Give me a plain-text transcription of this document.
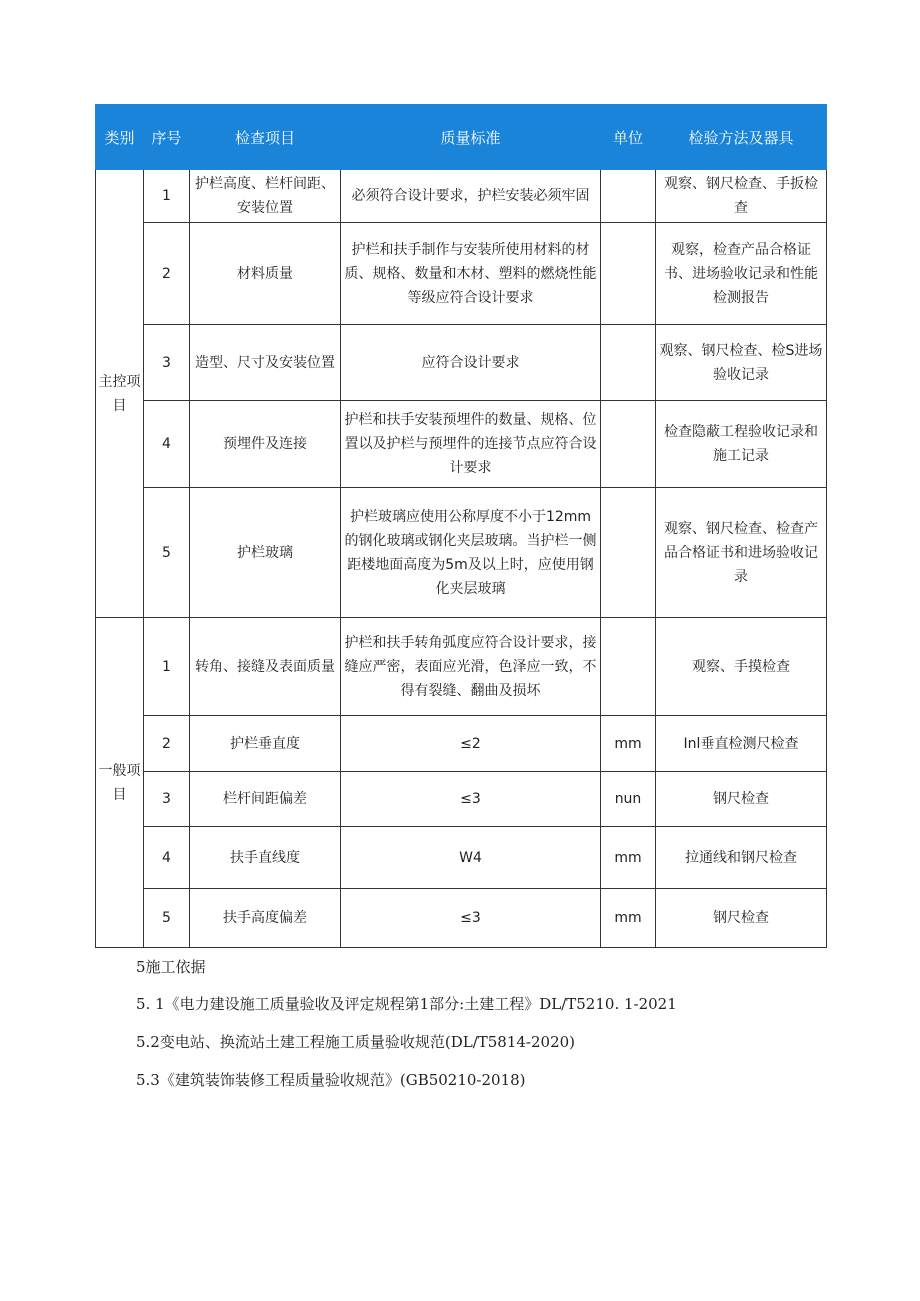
类别	序号	检查项目	质量标准	单位	检验方法及器具
主控项目	1	护栏高度、栏杆间距、安装位置	必须符合设计要求，护栏安装必须牢固		观察、钢尺检查、手扳检查
	2	材料质量	护栏和扶手制作与安装所使用材料的材质、规格、数量和木材、塑料的燃烧性能等级应符合设计要求		观察，检查产品合格证书、进场验收记录和性能检测报告
	3	造型、尺寸及安装位置	应符合设计要求		观察、钢尺检查、检S进场验收记录
	4	预埋件及连接	护栏和扶手安装预埋件的数量、规格、位置以及护栏与预埋件的连接节点应符合设计要求		检查隐蔽工程验收记录和施工记录
	5	护栏玻璃	护栏玻璃应使用公称厚度不小于12mm的钢化玻璃或钢化夹层玻璃。当护栏一侧距楼地面高度为5m及以上时，应使用钢化夹层玻璃		观察、钢尺检查、检查产品合格证书和进场验收记录
一般项目	1	转角、接缝及表面质量	护栏和扶手转角弧度应符合设计要求，接缝应严密，表面应光滑，色泽应一致，不得有裂缝、翻曲及损坏		观察、手摸检查
	2	护栏垂直度	≤2	mm	Inl垂直检测尺检查
	3	栏杆间距偏差	≤3	nun	钢尺检查
	4	扶手直线度	W4	mm	拉通线和钢尺检查
	5	扶手高度偏差	≤3	mm	钢尺检查
5施工依据
5. 1《电力建设施工质量验收及评定规程第1部分:土建工程》DL/T5210. 1-2021
5.2变电站、换流站土建工程施工质量验收规范(DL/T5814-2020)
5.3《建筑装饰装修工程质量验收规范》(GB50210-2018)
